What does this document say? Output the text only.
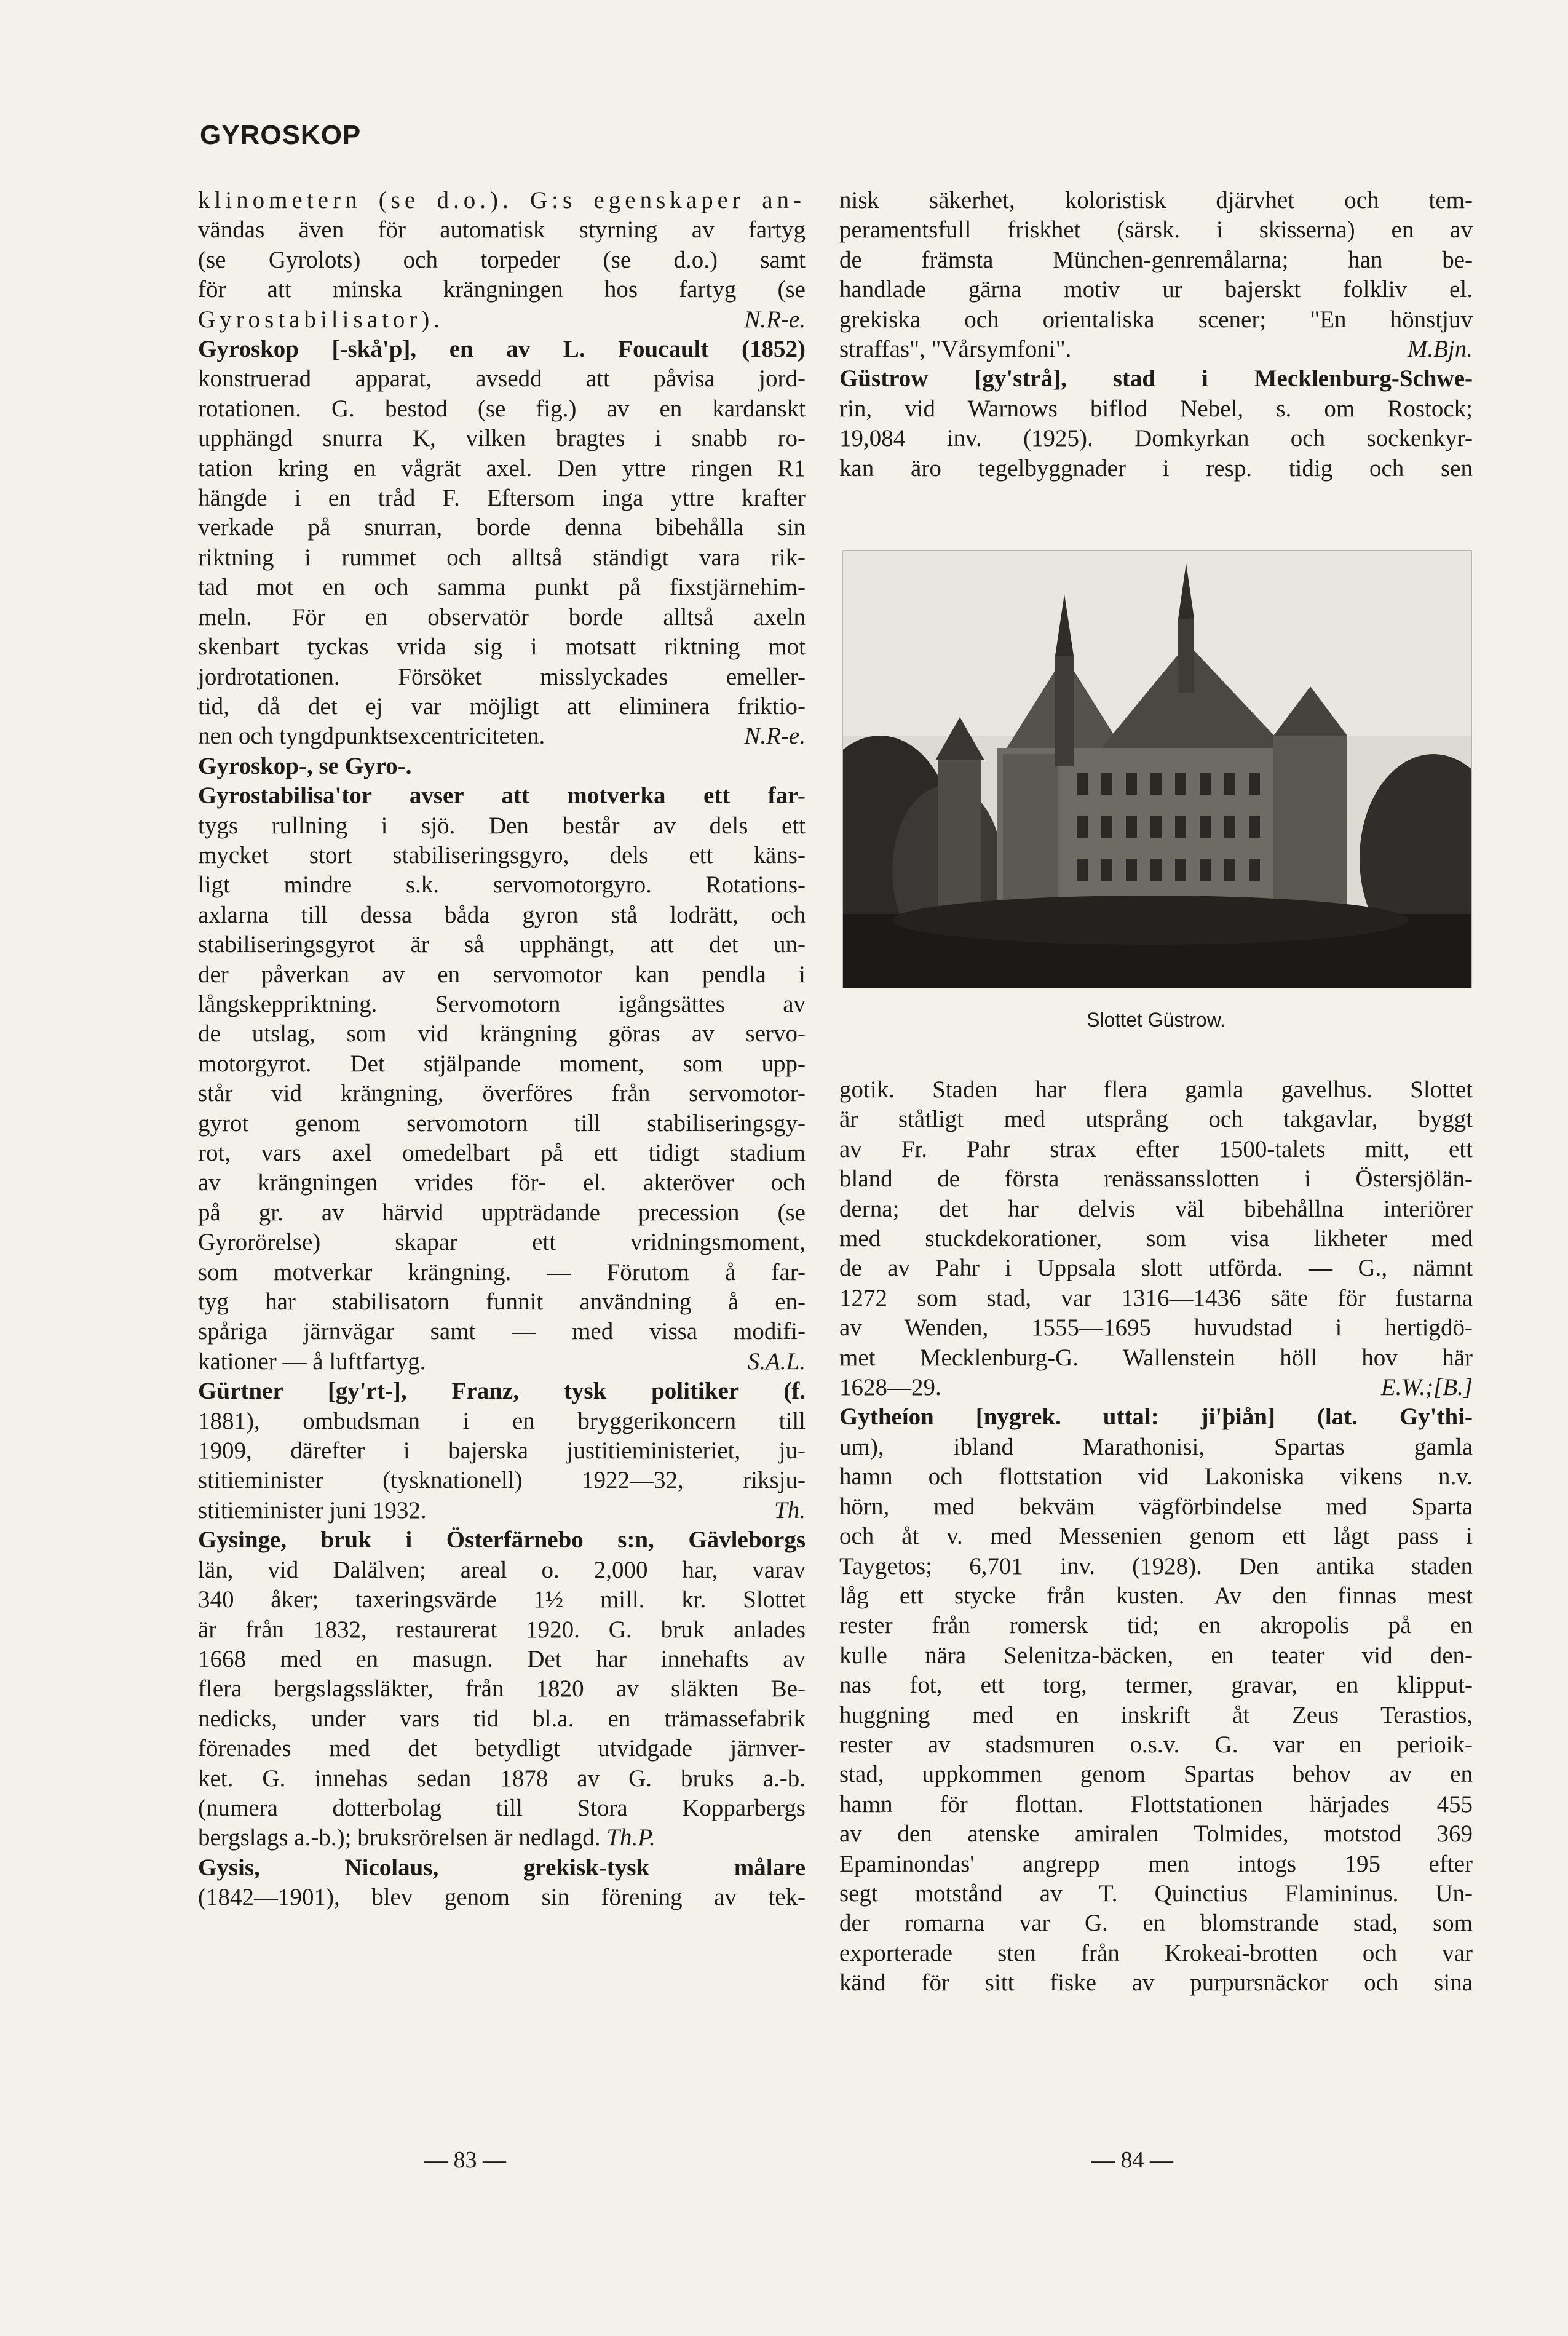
GYROSKOP
klinometern (se d.o.). G:s egenskaper an-
vändas även för automatisk styrning av fartyg
(se Gyrolots) och torpeder (se d.o.) samt
för att minska krängningen hos fartyg (se
Gyrostabilisator).	N.R-e.
Gyroskop [-skå'p], en av L. Foucault (1852)
konstruerad apparat, avsedd att påvisa jord-
rotationen. G. bestod (se fig.) av en kardanskt
upphängd snurra K, vilken bragtes i snabb ro-
tation kring en vågrät axel. Den yttre ringen R1
hängde i en tråd F. Eftersom inga yttre krafter
verkade på snurran, borde denna bibehålla sin
riktning i rummet och alltså ständigt vara rik-
tad mot en och samma punkt på fixstjärnehim-
meln. För en observatör borde alltså axeln
skenbart tyckas vrida sig i motsatt riktning mot
jordrotationen. Försöket misslyckades emeller-
tid, då det ej var möjligt att eliminera friktio-
nen och tyngdpunktsexcentriciteten.	N.R-e.
Gyroskop-, se Gyro-.
Gyrostabilisa'tor avser att motverka ett far-
tygs rullning i sjö. Den består av dels ett
mycket stort stabiliseringsgyro, dels ett käns-
ligt mindre s.k. servomotorgyro. Rotations-
axlarna till dessa båda gyron stå lodrätt, och
stabiliseringsgyrot är så upphängt, att det un-
der påverkan av en servomotor kan pendla i
långskeppriktning. Servomotorn igångsättes av
de utslag, som vid krängning göras av servo-
motorgyrot. Det stjälpande moment, som upp-
står vid krängning, överföres från servomotor-
gyrot genom servomotorn till stabiliseringsgy-
rot, vars axel omedelbart på ett tidigt stadium
av krängningen vrides för- el. akteröver och
på gr. av härvid uppträdande precession (se
Gyrorörelse) skapar ett vridningsmoment,
som motverkar krängning. — Förutom å far-
tyg har stabilisatorn funnit användning å en-
spåriga järnvägar samt — med vissa modifi-
kationer — å luftfartyg.	S.A.L.
Gürtner [gy'rt-], Franz, tysk politiker (f.
1881), ombudsman i en bryggerikoncern till
1909, därefter i bajerska justitieministeriet, ju-
stitieminister (tysknationell) 1922—32, riksju-
stitieminister juni 1932.	Th.
Gysinge, bruk i Österfärnebo s:n, Gävleborgs
län, vid Dalälven; areal o. 2,000 har, varav
340 åker; taxeringsvärde 1½ mill. kr. Slottet
är från 1832, restaurerat 1920. G. bruk anlades
1668 med en masugn. Det har innehafts av
flera bergslagssläkter, från 1820 av släkten Be-
nedicks, under vars tid bl.a. en trämassefabrik
förenades med det betydligt utvidgade järnver-
ket. G. innehas sedan 1878 av G. bruks a.-b.
(numera dotterbolag till Stora Kopparbergs
bergslags a.-b.); bruksrörelsen är nedlagd. Th.P.
Gysis, Nicolaus, grekisk-tysk målare
(1842—1901), blev genom sin förening av tek-
nisk säkerhet, koloristisk djärvhet och tem-
peramentsfull friskhet (särsk. i skisserna) en av
de främsta München-genremålarna; han be-
handlade gärna motiv ur bajerskt folkliv el.
grekiska och orientaliska scener; "En hönstjuv
straffas", "Vårsymfoni".	M.Bjn.
Güstrow [gy'strå], stad i Mecklenburg-Schwe-
rin, vid Warnows biflod Nebel, s. om Rostock;
19,084 inv. (1925). Domkyrkan och sockenkyr-
kan äro tegelbyggnader i resp. tidig och sen
Slottet Güstrow.
gotik. Staden har flera gamla gavelhus. Slottet
är ståtligt med utsprång och takgavlar, byggt
av Fr. Pahr strax efter 1500-talets mitt, ett
bland de första renässansslotten i Östersjölän-
derna; det har delvis väl bibehållna interiörer
med stuckdekorationer, som visa likheter med
de av Pahr i Uppsala slott utförda. — G., nämnt
1272 som stad, var 1316—1436 säte för fustarna
av Wenden, 1555—1695 huvudstad i hertigdö-
met Mecklenburg-G. Wallenstein höll hov här
1628—29.	E.W.;[B.]
Gytheíon [nygrek. uttal: ji'þiån] (lat. Gy'thi-
um), ibland Marathonisi, Spartas gamla
hamn och flottstation vid Lakoniska vikens n.v.
hörn, med bekväm vägförbindelse med Sparta
och åt v. med Messenien genom ett lågt pass i
Taygetos; 6,701 inv. (1928). Den antika staden
låg ett stycke från kusten. Av den finnas mest
rester från romersk tid; en akropolis på en
kulle nära Selenitza-bäcken, en teater vid den-
nas fot, ett torg, termer, gravar, en klipput-
huggning med en inskrift åt Zeus Terastios,
rester av stadsmuren o.s.v. G. var en perioik-
stad, uppkommen genom Spartas behov av en
hamn för flottan. Flottstationen härjades 455
av den atenske amiralen Tolmides, motstod 369
Epaminondas' angrepp men intogs 195 efter
segt motstånd av T. Quinctius Flamininus. Un-
der romarna var G. en blomstrande stad, som
exporterade sten från Krokeai-brotten och var
känd för sitt fiske av purpursnäckor och sina
— 83 —	— 84 —
